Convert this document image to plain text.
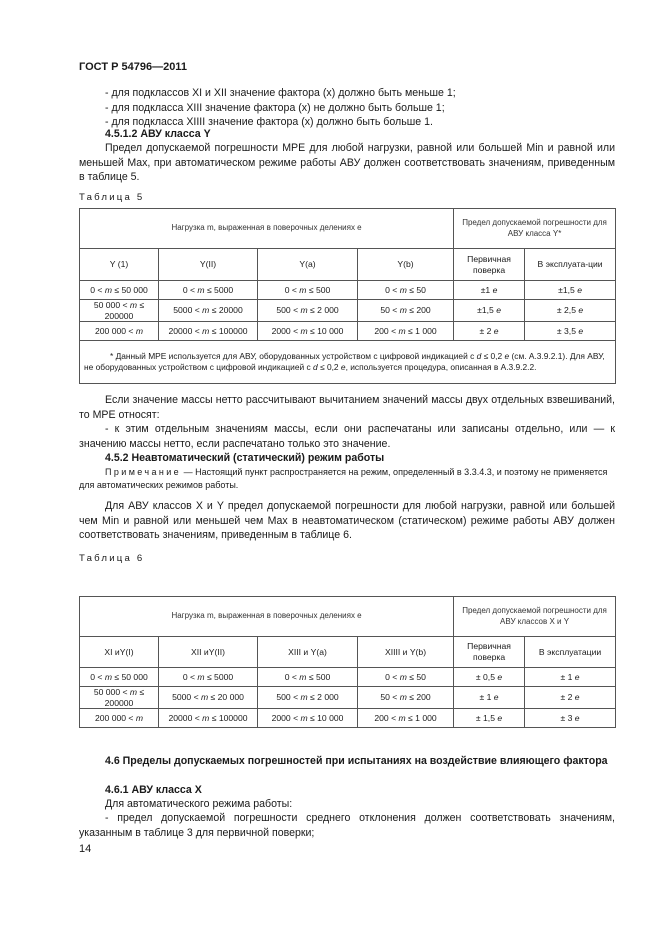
ГОСТ Р 54796—2011
- для подклассов XI и XII значение фактора (x) должно быть меньше 1;
- для подкласса XIII значение фактора (x) не должно быть больше 1;
- для подкласса XIIII значение фактора (x) должно быть больше 1.
4.5.1.2 АВУ класса Y
Предел допускаемой погрешности MPE для любой нагрузки, равной или большей Min и равной или меньшей Max, при автоматическом режиме работы АВУ должен соответствовать значениям, приведенным в таблице 5.
Таблица 5
Нагрузка m, выраженная в поверочных делениях e				Предел допускаемой погрешности для АВУ класса Y*	
Y (1)	Y(II)	Y(a)	Y(b)	Первичная поверка	В эксплуата-ции
0 < m ≤ 50 000	0 < m ≤ 5000	0 < m ≤ 500	0 < m ≤ 50	±1 e	±1,5 e
50 000 < m ≤ 200000	5000 < m ≤ 20000	500 < m ≤ 2 000	50 < m ≤ 200	±1,5 e	± 2,5 e
200 000 < m	20000 < m ≤ 100000	2000 < m ≤ 10 000	200 < m ≤ 1 000	± 2 e	± 3,5 e

* Данный MPE используется для АВУ, оборудованных устройством с цифровой индикацией с d ≤ 0,2 e (см. А.3.9.2.1). Для АВУ, не оборудованных устройством с цифровой индикацией с d ≤ 0,2 e, используется процедура, описанная в А.3.9.2.2.					
Если значение массы нетто рассчитывают вычитанием значений массы двух отдельных взвешиваний, то MPE относят:
- к этим отдельным значениям массы, если они распечатаны или записаны отдельно, или — к значению массы нетто, если распечатано только это значение.
4.5.2 Неавтоматический (статический) режим работы
Примечание — Настоящий пункт распространяется на режим, определенный в 3.3.4.3, и поэтому не применяется для автоматических режимов работы.
Для АВУ классов X и Y предел допускаемой погрешности для любой нагрузки, равной или большей чем Min и равной или меньшей чем Max в неавтоматическом (статическом) режиме работы АВУ должен соответствовать значениям, приведенным в таблице 6.
Таблица 6
Нагрузка m, выраженная в поверочных делениях e				Предел допускаемой погрешности для АВУ классов X и Y	
XI иY(I)	XII иY(II)	XIII и Y(a)	XIIII и Y(b)	Первичная поверка	В эксплуатации
0 < m ≤ 50 000	0 < m ≤ 5000	0 < m ≤ 500	0 < m ≤ 50	± 0,5 e	± 1 e
50 000 < m ≤ 200000	5000 < m ≤ 20 000	500 < m ≤ 2 000	50 < m ≤ 200	± 1 e	± 2 e
200 000 < m	20000 < m ≤ 100000	2000 < m ≤ 10 000	200 < m ≤ 1 000	± 1,5 e	± 3 e
4.6 Пределы допускаемых погрешностей при испытаниях на воздействие влияющего фактора
4.6.1 АВУ класса X
Для автоматического режима работы:
- предел допускаемой погрешности среднего отклонения должен соответствовать значениям, указанным в таблице 3 для первичной поверки;
14
